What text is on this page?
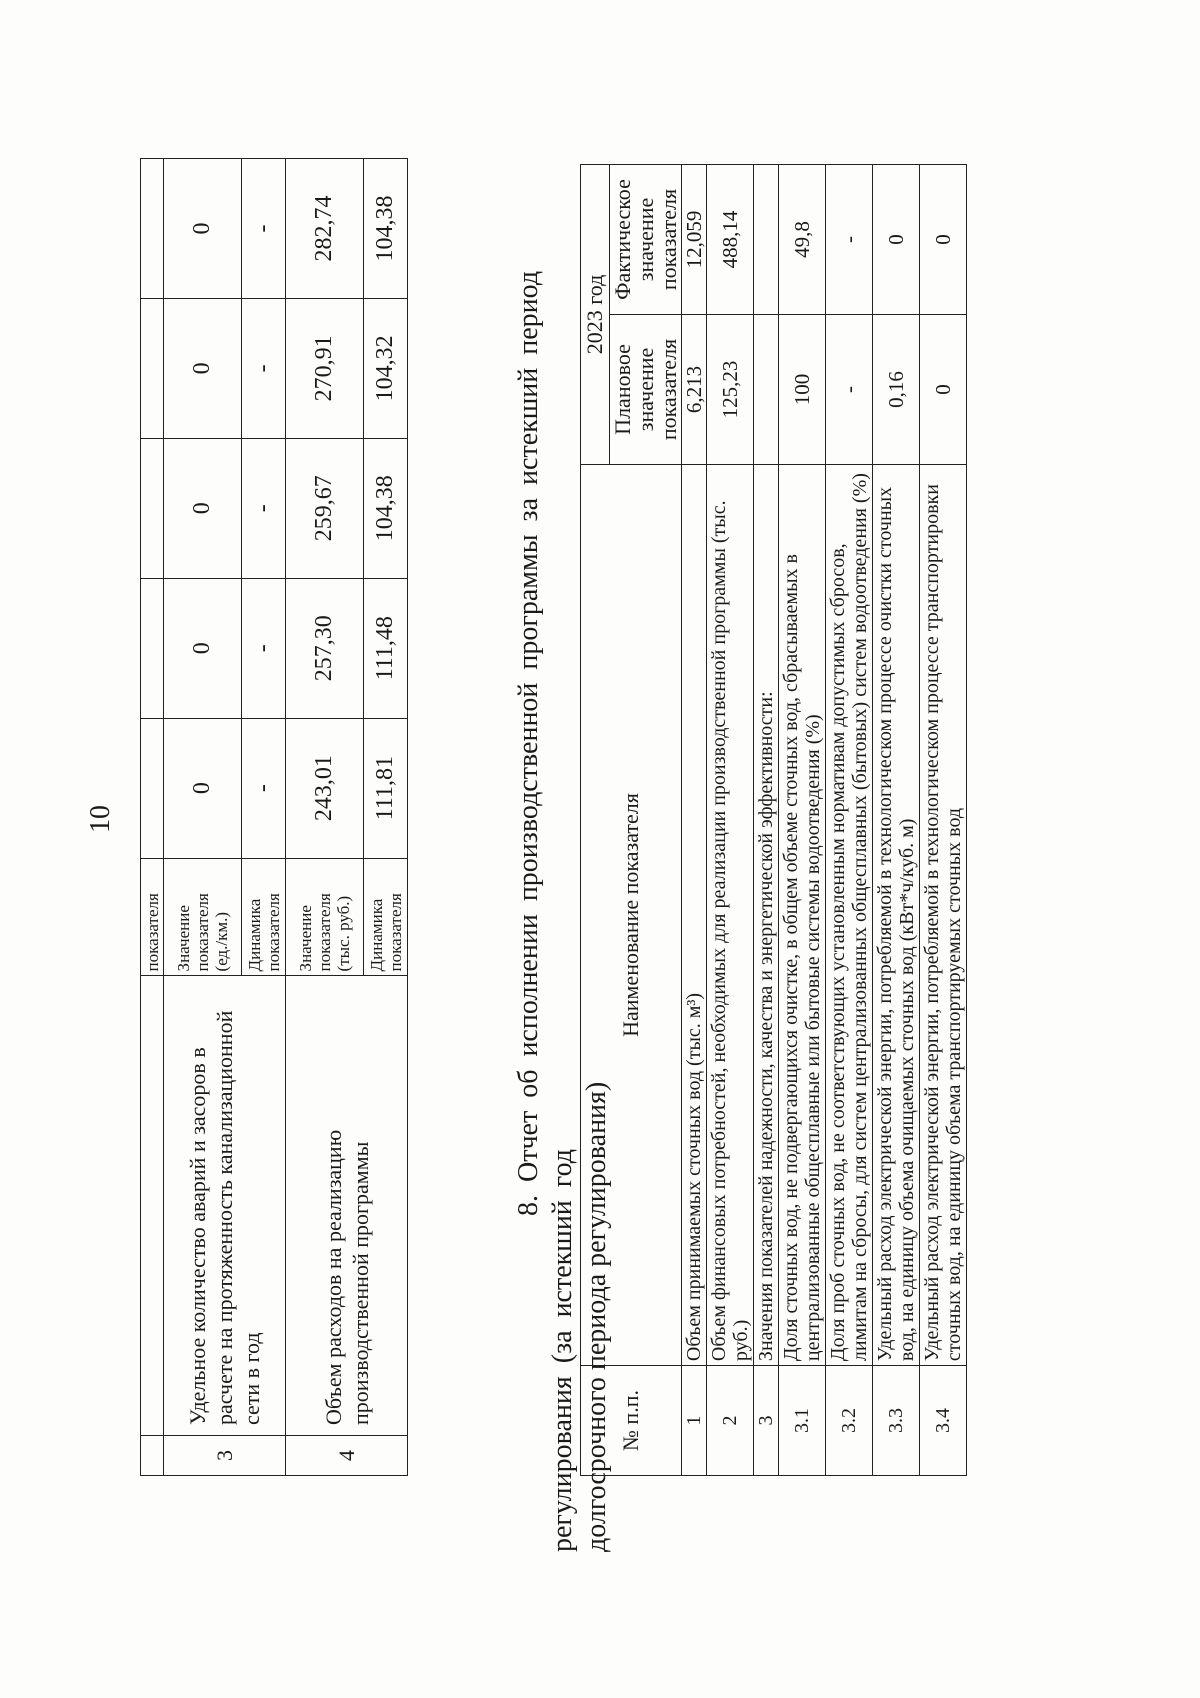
10
		показателя					
3	Удельное количество аварий и засоров в расчете на протяженность канализационной сети в год	Значение показателя (ед./км.)	0	0	0	0	0
		Динамика показателя	-	-	-	-	-
4	Объем расходов на реализацию производственной программы	Значение показателя (тыс. руб.)	243,01	257,30	259,67	270,91	282,74
		Динамика показателя	111,81	111,48	104,38	104,32	104,38
8. Отчет об исполнении производственной программы за истекший период регулирования (за истекший год долгосрочного периода регулирования) № п.п.	Наименование показателя	2023 год	
		Плановое значение показателя	Фактическое значение показателя
1	Объем принимаемых сточных вод (тыс. м³)	6,213	12,059
2	Объем финансовых потребностей, необходимых для реализации производственной программы (тыс. руб.)	125,23	488,14
3	Значения показателей надежности, качества и энергетической эффективности:		
3.1	Доля сточных вод, не подвергающихся очистке, в общем объеме сточных вод, сбрасываемых в централизованные общесплавные или бытовые системы водоотведения (%)	100	49,8
3.2	Доля проб сточных вод, не соответствующих установленным нормативам допустимых сбросов, лимитам на сбросы, для систем централизованных общесплавных (бытовых) систем водоотведения (%)	-	-
3.3	Удельный расход электрической энергии, потребляемой в технологическом процессе очистки сточных вод, на единицу объема очищаемых сточных вод (кВт*ч/куб. м)	0,16	0
3.4	Удельный расход электрической энергии, потребляемой в технологическом процессе транспортировки сточных вод, на единицу объема транспортируемых сточных вод	0	0
